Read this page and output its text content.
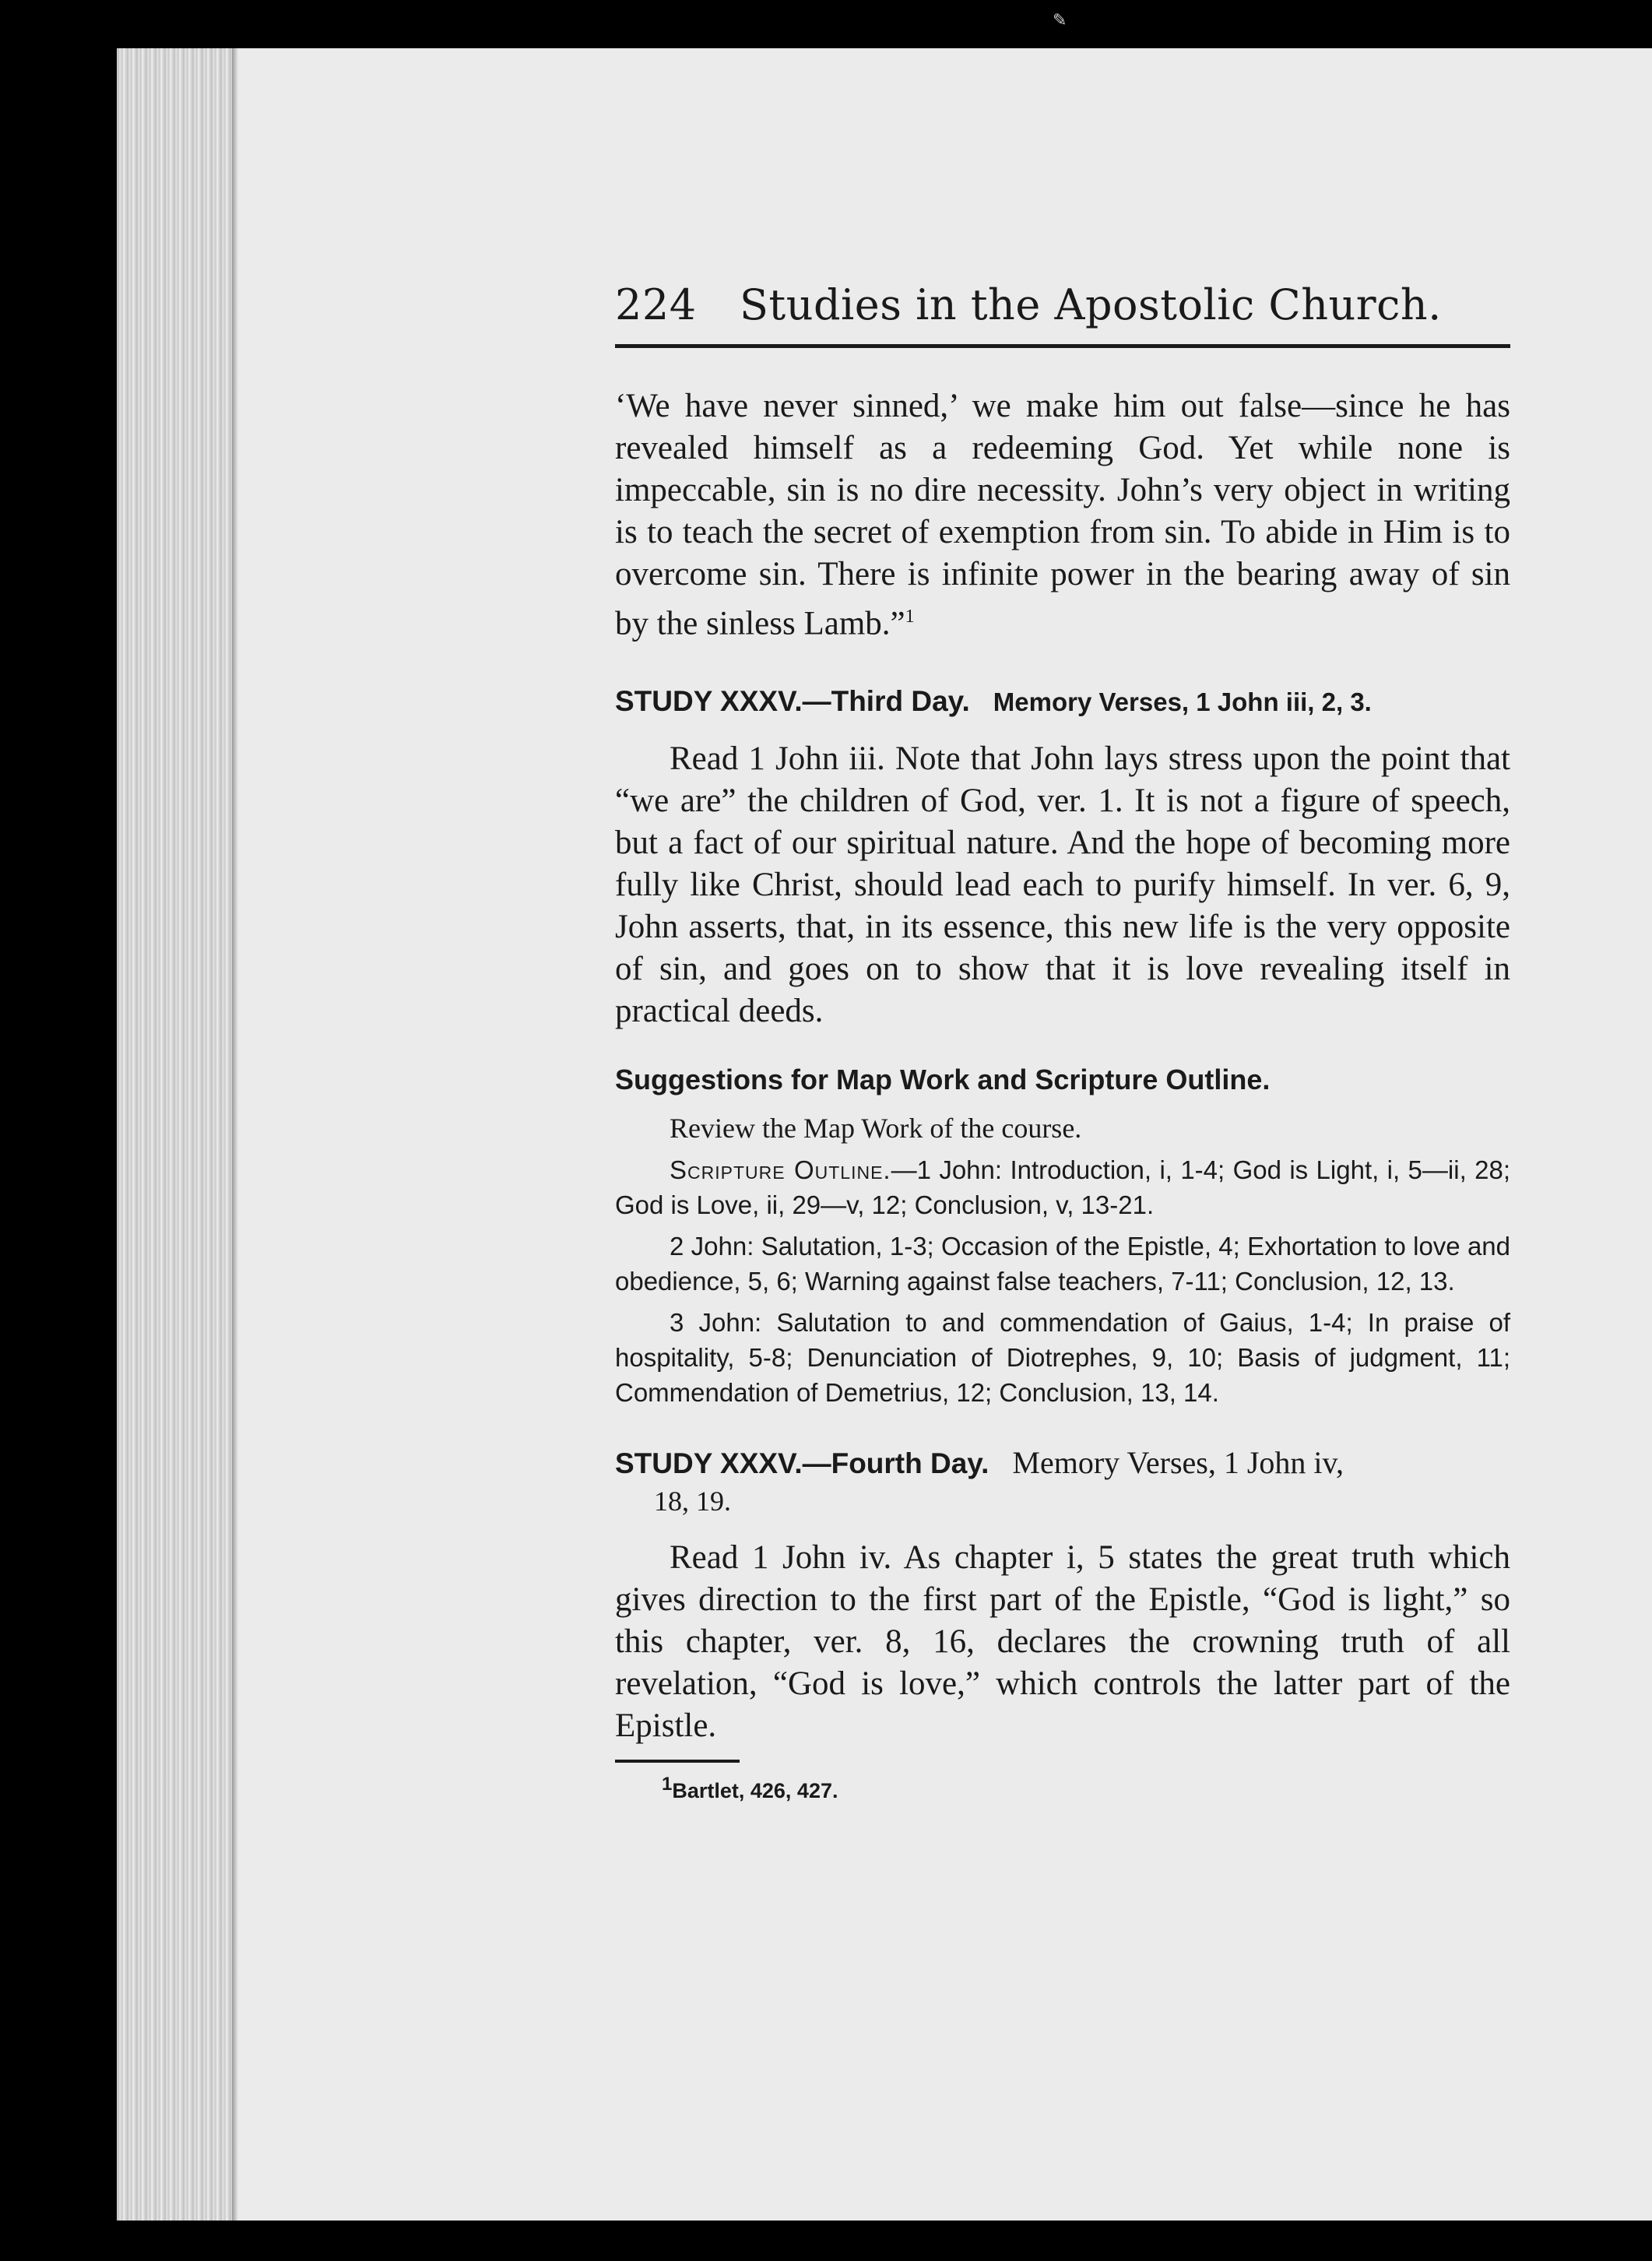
✎
224	Studies in the Apostolic Church.

‘We have never sinned,’ we make him out false—since he has revealed himself as a redeeming God. Yet while none is impeccable, sin is no dire necessity. John’s very object in writing is to teach the secret of exemption from sin. To abide in Him is to overcome sin. There is infinite power in the bearing away of sin by the sinless Lamb.”$^1$

STUDY XXXV.—Third Day. Memory Verses, 1 John iii, 2, 3.

Read 1 John iii. Note that John lays stress upon the point that “we are” the children of God, ver. 1. It is not a figure of speech, but a fact of our spiritual nature. And the hope of becoming more fully like Christ, should lead each to purify himself. In ver. 6, 9, John asserts, that, in its essence, this new life is the very opposite of sin, and goes on to show that it is love revealing itself in practical deeds.

Suggestions for Map Work and Scripture Outline.

Review the Map Work of the course.

Scripture Outline.—1 John: Introduction, i, 1-4; God is Light, i, 5—ii, 28; God is Love, ii, 29—v, 12; Conclusion, v, 13-21.

2 John: Salutation, 1-3; Occasion of the Epistle, 4; Exhortation to love and obedience, 5, 6; Warning against false teachers, 7-11; Conclusion, 12, 13.

3 John: Salutation to and commendation of Gaius, 1-4; In praise of hospitality, 5-8; Denunciation of Diotrephes, 9, 10; Basis of judgment, 11; Commendation of Demetrius, 12; Conclusion, 13, 14.

STUDY XXXV.—Fourth Day. Memory Verses, 1 John iv,
18, 19.

Read 1 John iv. As chapter i, 5 states the great truth which gives direction to the first part of the Epistle, “God is light,” so this chapter, ver. 8, 16, declares the crowning truth of all revelation, “God is love,” which controls the latter part of the Epistle.

$^1$Bartlet, 426, 427.
